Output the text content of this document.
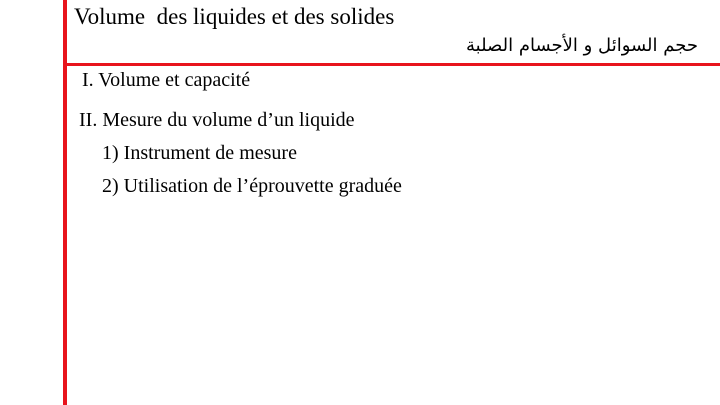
Volume  des liquides et des solides
حجم السوائل و الأجسام الصلبة
I. Volume et capacité
II. Mesure du volume d’un liquide
1) Instrument de mesure
2) Utilisation de l’éprouvette graduée
